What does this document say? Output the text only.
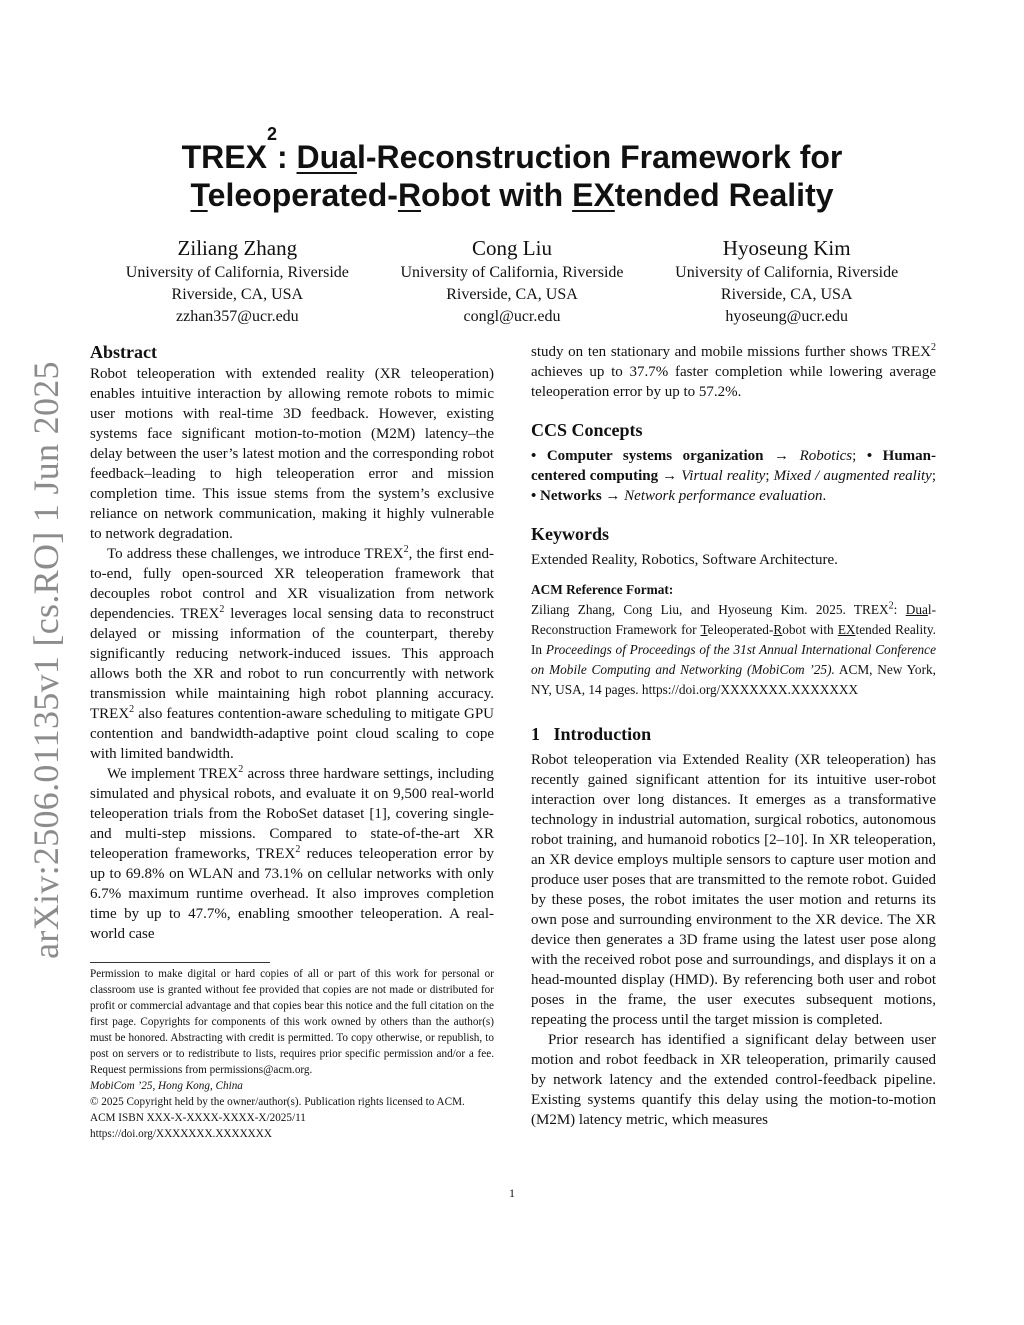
arXiv:2506.01135v1 [cs.RO] 1 Jun 2025
TREX$^2$: Dual-Reconstruction Framework for
Teleoperated-Robot with EXtended Reality
Ziliang Zhang
University of California, Riverside
Riverside, CA, USA
zzhan357@ucr.edu
Cong Liu
University of California, Riverside
Riverside, CA, USA
congl@ucr.edu
Hyoseung Kim
University of California, Riverside
Riverside, CA, USA
hyoseung@ucr.edu
Abstract

Robot teleoperation with extended reality (XR teleoperation) enables intuitive interaction by allowing remote robots to mimic user motions with real-time 3D feedback. However, existing systems face significant motion-to-motion (M2M) latency–the delay between the user’s latest motion and the corresponding robot feedback–leading to high teleoperation error and mission completion time. This issue stems from the system’s exclusive reliance on network communication, making it highly vulnerable to network degradation.

To address these challenges, we introduce TREX$^2$, the first end-to-end, fully open-sourced XR teleoperation framework that decouples robot control and XR visualization from network dependencies. TREX$^2$ leverages local sensing data to reconstruct delayed or missing information of the counterpart, thereby significantly reducing network-induced issues. This approach allows both the XR and robot to run concurrently with network transmission while maintaining high robot planning accuracy. TREX$^2$ also features contention-aware scheduling to mitigate GPU contention and bandwidth-adaptive point cloud scaling to cope with limited bandwidth.

We implement TREX$^2$ across three hardware settings, including simulated and physical robots, and evaluate it on 9,500 real-world teleoperation trials from the RoboSet dataset [1], covering single- and multi-step missions. Compared to state-of-the-art XR teleoperation frameworks, TREX$^2$ reduces teleoperation error by up to 69.8% on WLAN and 73.1% on cellular networks with only 6.7% maximum runtime overhead. It also improves completion time by up to 47.7%, enabling smoother teleoperation. A real-world case

Permission to make digital or hard copies of all or part of this work for personal or classroom use is granted without fee provided that copies are not made or distributed for profit or commercial advantage and that copies bear this notice and the full citation on the first page. Copyrights for components of this work owned by others than the author(s) must be honored. Abstracting with credit is permitted. To copy otherwise, or republish, to post on servers or to redistribute to lists, requires prior specific permission and/or a fee. Request permissions from permissions@acm.org.

MobiCom ’25, Hong Kong, China

© 2025 Copyright held by the owner/author(s). Publication rights licensed to ACM.

ACM ISBN XXX-X-XXXX-XXXX-X/2025/11

https://doi.org/XXXXXXX.XXXXXXX

study on ten stationary and mobile missions further shows TREX$^2$ achieves up to 37.7% faster completion while lowering average teleoperation error by up to 57.2%.

CCS Concepts

• Computer systems organization → Robotics; • Human-centered computing → Virtual reality; Mixed / augmented reality; • Networks → Network performance evaluation.

Keywords

Extended Reality, Robotics, Software Architecture.

ACM Reference Format:

Ziliang Zhang, Cong Liu, and Hyoseung Kim. 2025. TREX$^2$: Dual-Reconstruction Framework for Teleoperated-Robot with EXtended Reality. In Proceedings of Proceedings of the 31st Annual International Conference on Mobile Computing and Networking (MobiCom ’25). ACM, New York, NY, USA, 14 pages. https://doi.org/XXXXXXX.XXXXXXX

1 Introduction

Robot teleoperation via Extended Reality (XR teleoperation) has recently gained significant attention for its intuitive user-robot interaction over long distances. It emerges as a transformative technology in industrial automation, surgical robotics, autonomous robot training, and humanoid robotics [2–10]. In XR teleoperation, an XR device employs multiple sensors to capture user motion and produce user poses that are transmitted to the remote robot. Guided by these poses, the robot imitates the user motion and returns its own pose and surrounding environment to the XR device. The XR device then generates a 3D frame using the latest user pose along with the received robot pose and surroundings, and displays it on a head-mounted display (HMD). By referencing both user and robot poses in the frame, the user executes subsequent motions, repeating the process until the target mission is completed.

Prior research has identified a significant delay between user motion and robot feedback in XR teleoperation, primarily caused by network latency and the extended control-feedback pipeline. Existing systems quantify this delay using the motion-to-motion (M2M) latency metric, which measures

1
